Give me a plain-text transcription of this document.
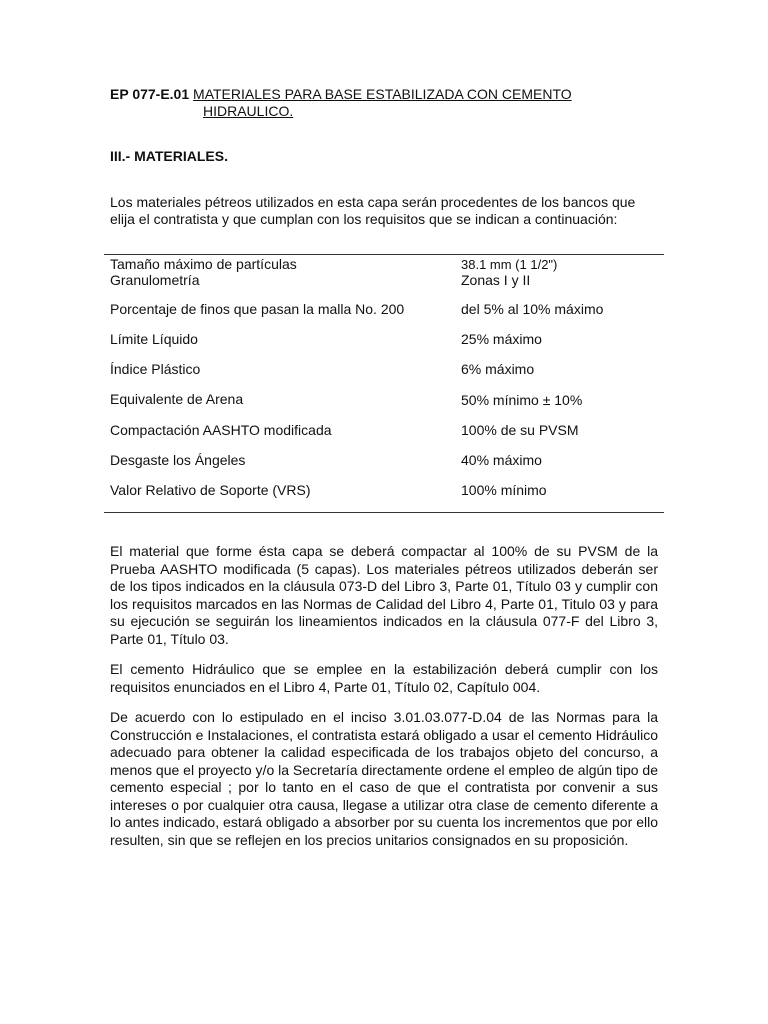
EP 077-E.01 MATERIALES PARA BASE ESTABILIZADA CON CEMENTO
HIDRAULICO.
III.- MATERIALES.
Los materiales pétreos utilizados en esta capa serán procedentes de los bancos que elija el contratista y que cumplan con los requisitos que se indican a continuación:
Tamaño máximo de partículas	38.1 mm (1 1/2")
Granulometría	Zonas I y II
Porcentaje de finos que pasan la malla No. 200	del 5% al 10% máximo
Límite Líquido	25% máximo
Índice Plástico	6% máximo
Equivalente de Arena	50% mínimo ± 10%
Compactación AASHTO modificada	100% de su PVSM
Desgaste los Ángeles	40% máximo
Valor Relativo de Soporte (VRS)	100% mínimo
El material que forme ésta capa se deberá compactar al 100% de su PVSM de la Prueba AASHTO modificada (5 capas). Los materiales pétreos utilizados deberán ser de los tipos indicados en la cláusula 073-D del Libro 3, Parte 01, Título 03 y cumplir con los requisitos marcados en las Normas de Calidad del Libro 4, Parte 01, Titulo 03 y para su ejecución se seguirán los lineamientos indicados en la cláusula 077-F del Libro 3, Parte 01, Título 03.
El cemento Hidráulico que se emplee en la estabilización deberá cumplir con los requisitos enunciados en el Libro 4, Parte 01, Título 02, Capítulo 004.
De acuerdo con lo estipulado en el inciso 3.01.03.077-D.04 de las Normas para la Construcción e Instalaciones, el contratista estará obligado a usar el cemento Hidráulico adecuado para obtener la calidad especificada de los trabajos objeto del concurso, a menos que el proyecto y/o la Secretaría directamente ordene el empleo de algún tipo de cemento especial ; por lo tanto en el caso de que el contratista por convenir a sus intereses o por cualquier otra causa, llegase a utilizar otra clase de cemento diferente a lo antes indicado, estará obligado a absorber por su cuenta los incrementos que por ello resulten, sin que se reflejen en los precios unitarios consignados en su proposición.
